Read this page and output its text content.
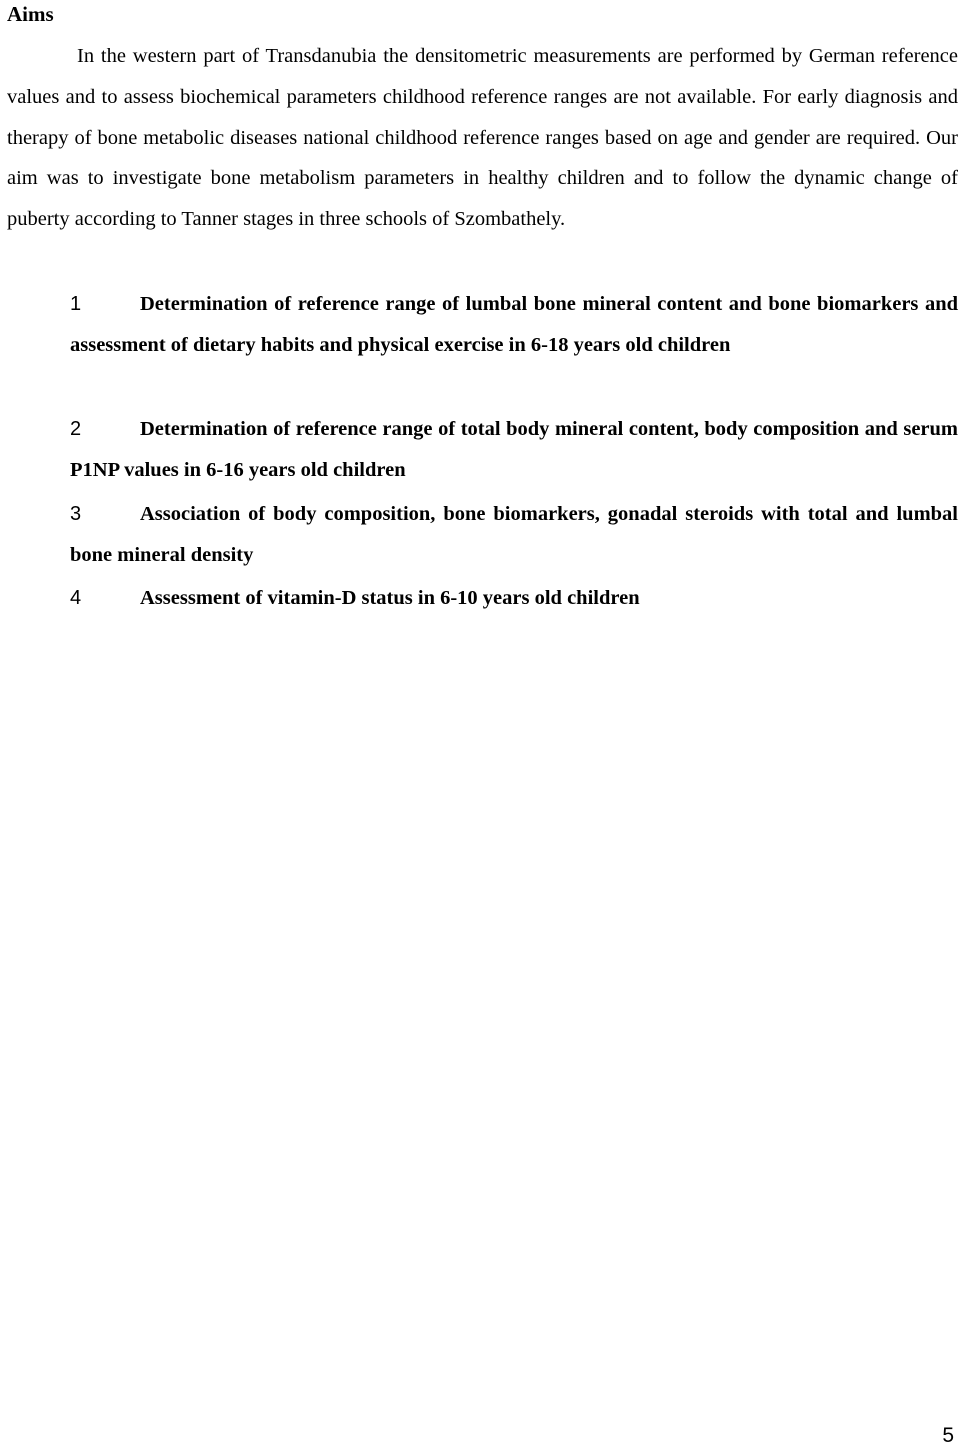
Aims

In the western part of Transdanubia the densitometric measurements are performed by German reference values and to assess biochemical parameters childhood reference ranges are not available. For early diagnosis and therapy of bone metabolic diseases national childhood reference ranges based on age and gender are required. Our aim was to investigate bone metabolism parameters in healthy children and to follow the dynamic change of puberty according to Tanner stages in three schools of Szombathely.

1	Determination of reference range of lumbal bone mineral content and bone biomarkers and assessment of dietary habits and physical exercise in 6-18 years old children
2	Determination of reference range of total body mineral content, body composition and serum P1NP values in 6-16 years old children
3	Association of body composition, bone biomarkers, gonadal steroids with total and lumbal bone mineral density
4	Assessment of vitamin-D status in 6-10 years old children
5
